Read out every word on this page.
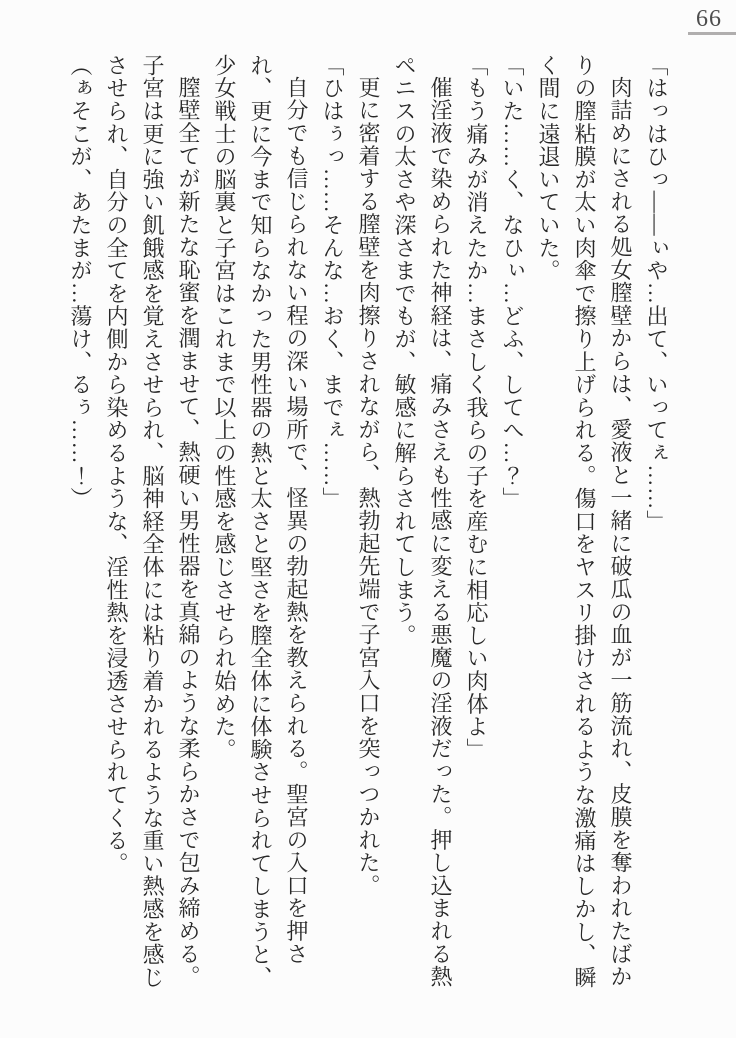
66

「はっはひっ――ぃや…出て、いってぇ……」

肉詰めにされる処女膣壁からは、愛液と一緒に破瓜の血が一筋流れ、皮膜を奪われたばかりの膣粘膜が太い肉傘で擦り上げられる。傷口をヤスリ掛けされるような激痛はしかし、瞬く間に遠退いていた。

「いた……く、なひぃ…どふ、してへ…？」

「もう痛みが消えたか…まさしく我らの子を産むに相応しい肉体よ」

催淫液で染められた神経は、痛みさえも性感に変える悪魔の淫液だった。押し込まれる熱ペニスの太さや深さまでもが、敏感に解らされてしまう。

更に密着する膣壁を肉擦りされながら、熱勃起先端で子宮入口を突っつかれた。

「ひはぅっ……そんな…おく、までぇ……」

自分でも信じられない程の深い場所で、怪異の勃起熱を教えられる。聖宮の入口を押され、更に今まで知らなかった男性器の熱と太さと堅さを膣全体に体験させられてしまうと、少女戦士の脳裏と子宮はこれまで以上の性感を感じさせられ始めた。

膣壁全てが新たな恥蜜を潤ませて、熱硬い男性器を真綿のような柔らかさで包み締める。子宮は更に強い飢餓感を覚えさせられ、脳神経全体には粘り着かれるような重い熱感を感じさせられ、自分の全てを内側から染めるような、淫性熱を浸透させられてくる。

（ぁそこが、あたまが…蕩け、るぅ……！）
